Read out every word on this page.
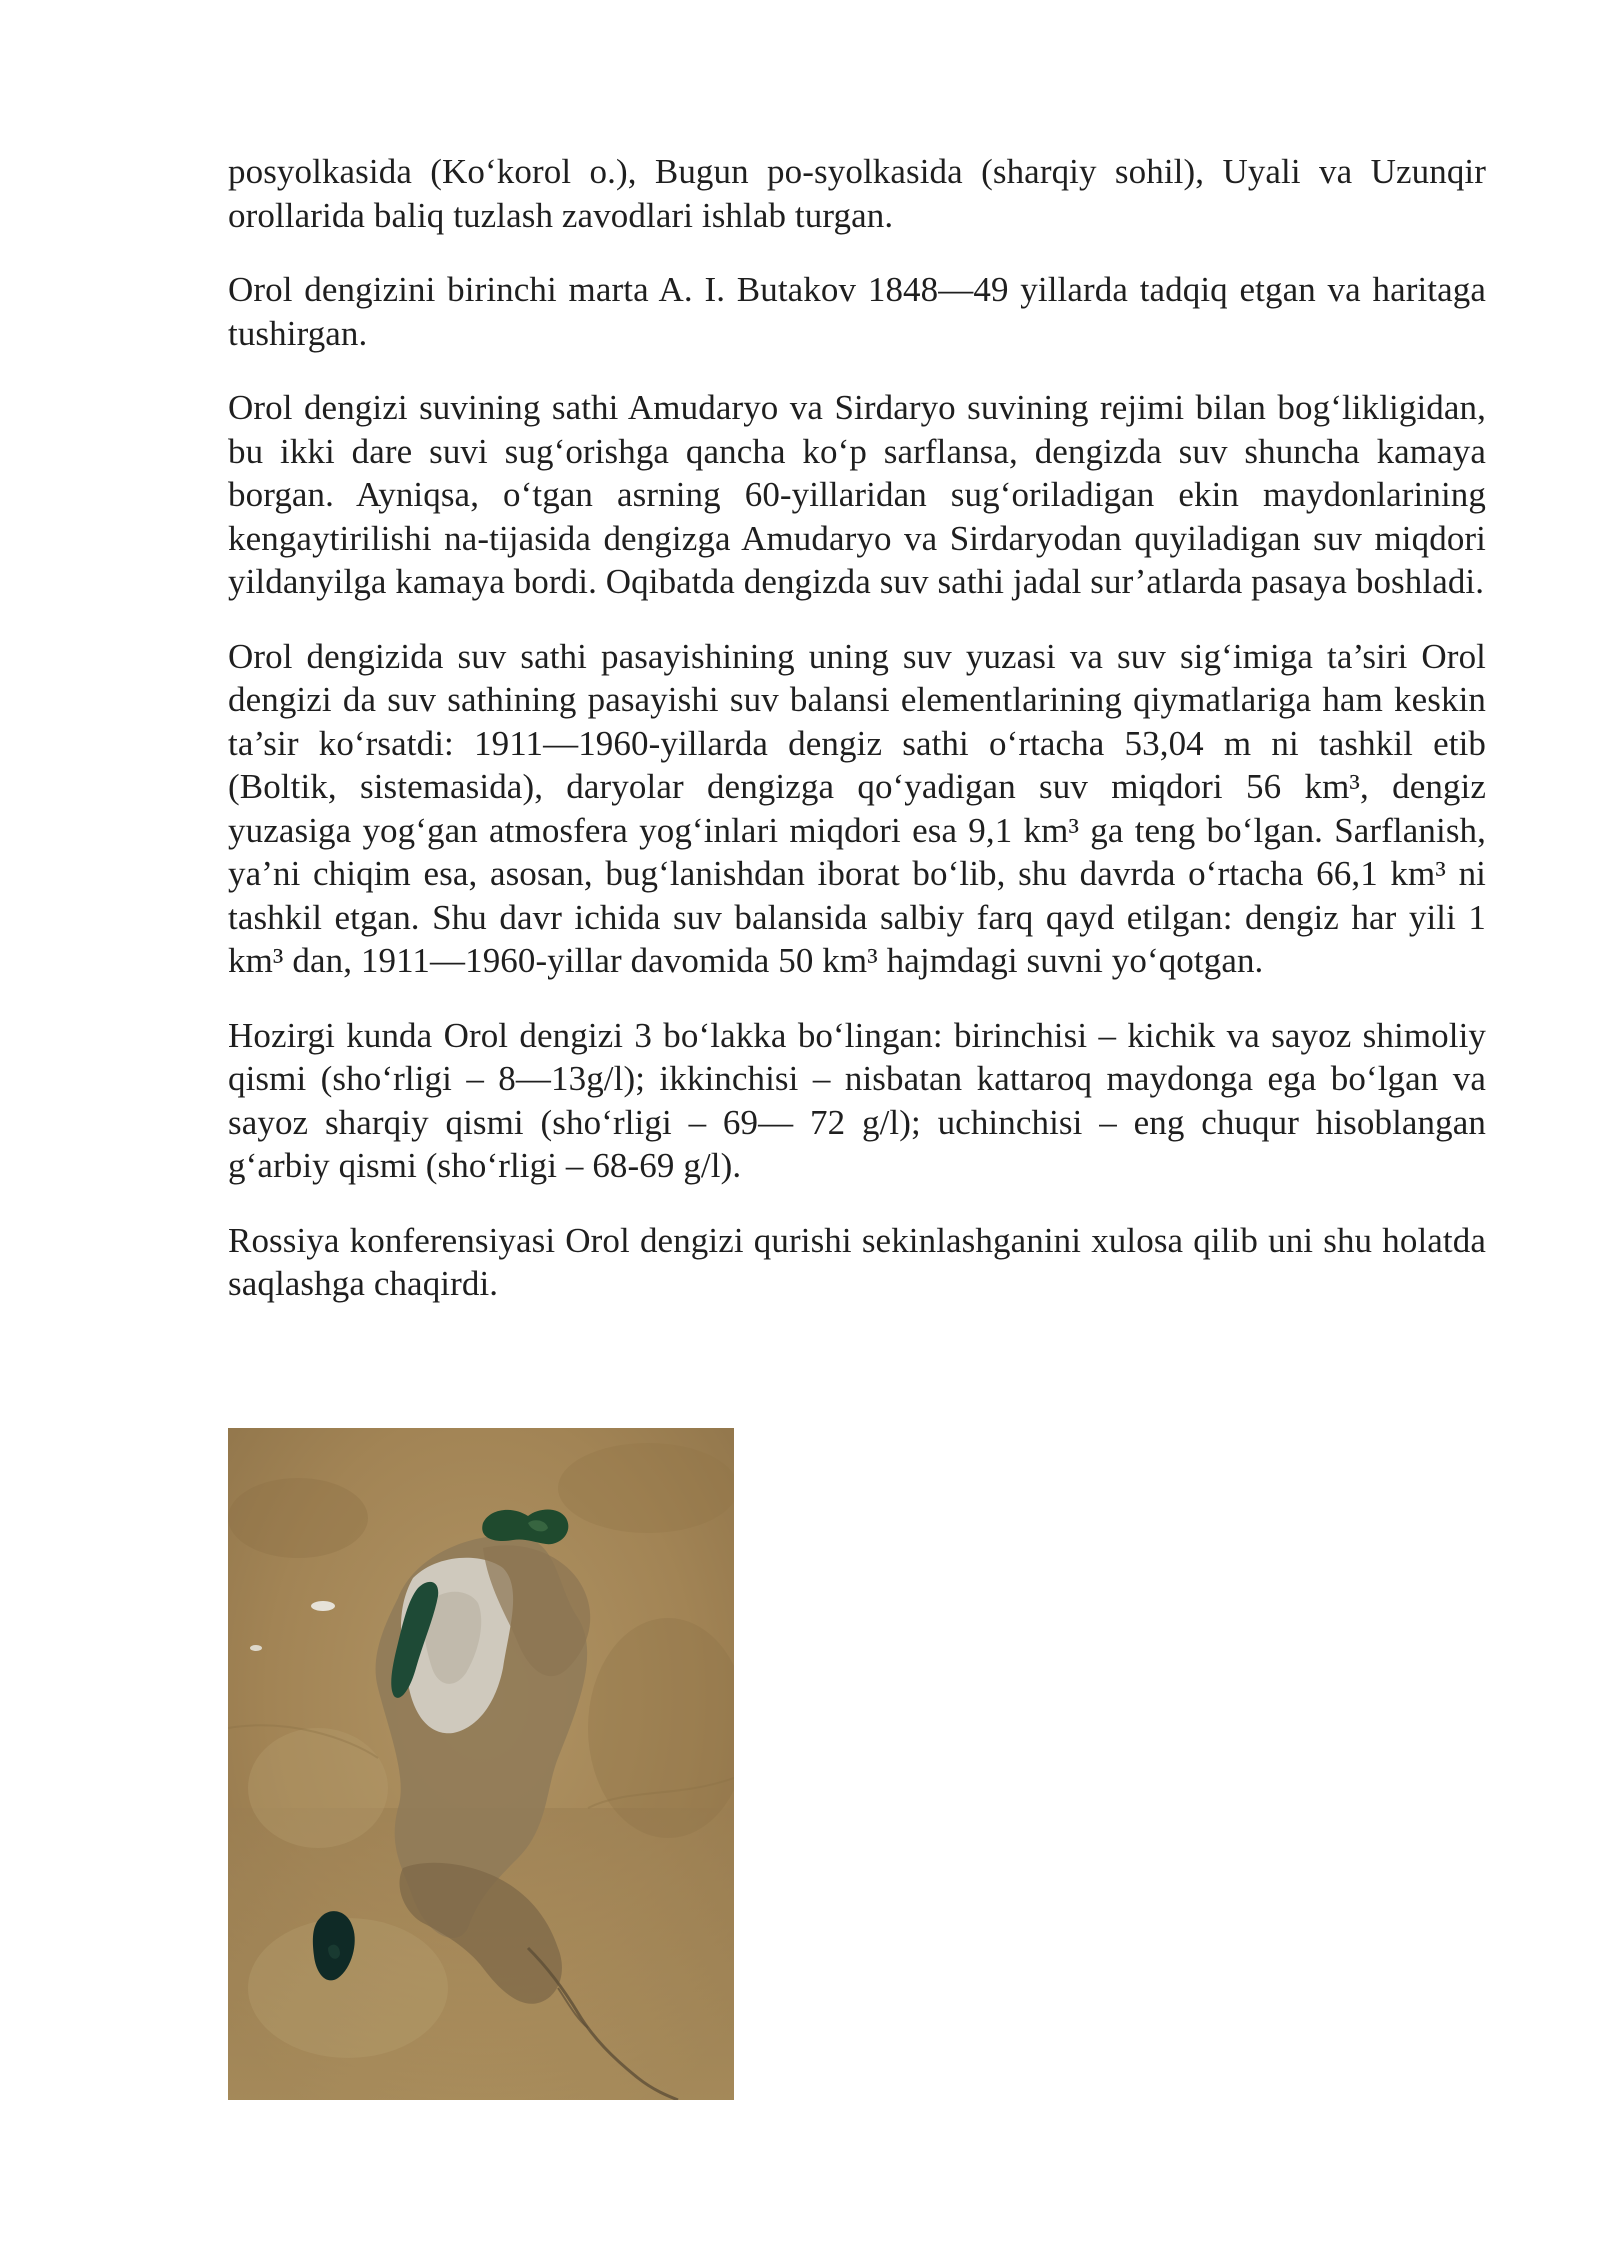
posyolkasida (Ko‘korol o.), Bugun po-syolkasida (sharqiy sohil), Uyali va Uzunqir orollarida baliq tuzlash zavodlari ishlab turgan.

Orol dengizini birinchi marta A. I. Butakov 1848—49 yillarda tadqiq etgan va haritaga tushirgan.

Orol dengizi suvining sathi Amudaryo va Sirdaryo suvining rejimi bilan bog‘likligidan, bu ikki dare suvi sug‘orishga qancha ko‘p sarflansa, dengizda suv shuncha kamaya borgan. Ayniqsa, o‘tgan asrning 60-yillaridan sug‘oriladigan ekin maydonlarining kengaytirilishi na-tijasida dengizga Amudaryo va Sirdaryodan quyiladigan suv miqdori yildanyilga kamaya bordi. Oqibatda dengizda suv sathi jadal sur’atlarda pasaya boshladi.

Orol dengizida suv sathi pasayishining uning suv yuzasi va suv sig‘imiga ta’siri Orol dengizi da suv sathining pasayishi suv balansi elementlarining qiymatlariga ham keskin ta’sir ko‘rsatdi: 1911—1960-yillarda dengiz sathi o‘rtacha 53,04 m ni tashkil etib (Boltik, sistemasida), daryolar dengizga qo‘yadigan suv miqdori 56 km³, dengiz yuzasiga yog‘gan atmosfera yog‘inlari miqdori esa 9,1 km³ ga teng bo‘lgan. Sarflanish, ya’ni chiqim esa, asosan, bug‘lanishdan iborat bo‘lib, shu davrda o‘rtacha 66,1 km³ ni tashkil etgan. Shu davr ichida suv balansida salbiy farq qayd etilgan: dengiz har yili 1 km³ dan, 1911—1960-yillar davomida 50 km³ hajmdagi suvni yo‘qotgan.

Hozirgi kunda Orol dengizi 3 bo‘lakka bo‘lingan: birinchisi – kichik va sayoz shimoliy qismi (sho‘rligi – 8—13g/l); ikkinchisi – nisbatan kattaroq maydonga ega bo‘lgan va sayoz sharqiy qismi (sho‘rligi – 69— 72 g/l); uchinchisi – eng chuqur hisoblangan g‘arbiy qismi (sho‘rligi – 68-69 g/l).

Rossiya konferensiyasi Orol dengizi qurishi sekinlashganini xulosa qilib uni shu holatda saqlashga chaqirdi.
